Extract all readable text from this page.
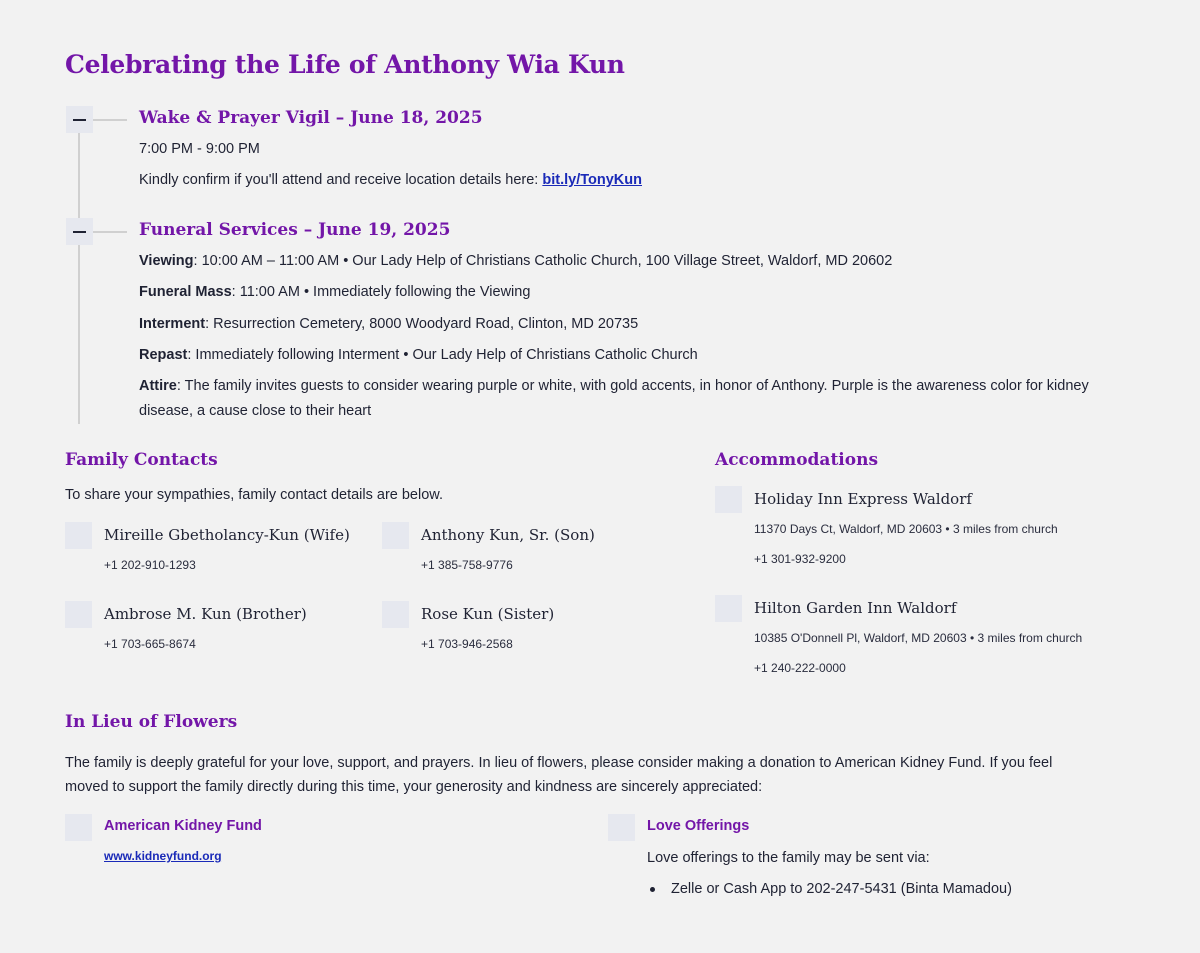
Celebrating the Life of Anthony Wia Kun
Wake & Prayer Vigil – June 18, 2025
7:00 PM - 9:00 PM
Kindly confirm if you'll attend and receive location details here: bit.ly/TonyKun
Funeral Services – June 19, 2025
Viewing: 10:00 AM – 11:00 AM • Our Lady Help of Christians Catholic Church, 100 Village Street, Waldorf, MD 20602
Funeral Mass: 11:00 AM • Immediately following the Viewing
Interment: Resurrection Cemetery, 8000 Woodyard Road, Clinton, MD 20735
Repast: Immediately following Interment • Our Lady Help of Christians Catholic Church
Attire: The family invites guests to consider wearing purple or white, with gold accents, in honor of Anthony. Purple is the awareness color for kidney
disease, a cause close to their heart
Family Contacts
To share your sympathies, family contact details are below.
Mireille Gbetholancy-Kun (Wife)
+1 202-910-1293
Anthony Kun, Sr. (Son)
+1 385-758-9776
Ambrose M. Kun (Brother)
+1 703-665-8674
Rose Kun (Sister)
+1 703-946-2568
Accommodations
Holiday Inn Express Waldorf
11370 Days Ct, Waldorf, MD 20603 • 3 miles from church
+1 301-932-9200
Hilton Garden Inn Waldorf
10385 O'Donnell Pl, Waldorf, MD 20603 • 3 miles from church
+1 240-222-0000
In Lieu of Flowers
The family is deeply grateful for your love, support, and prayers. In lieu of flowers, please consider making a donation to American Kidney Fund. If you feel
moved to support the family directly during this time, your generosity and kindness are sincerely appreciated:
American Kidney Fund
www.kidneyfund.org
Love Offerings
Love offerings to the family may be sent via:
Zelle or Cash App to 202-247-5431 (Binta Mamadou)
